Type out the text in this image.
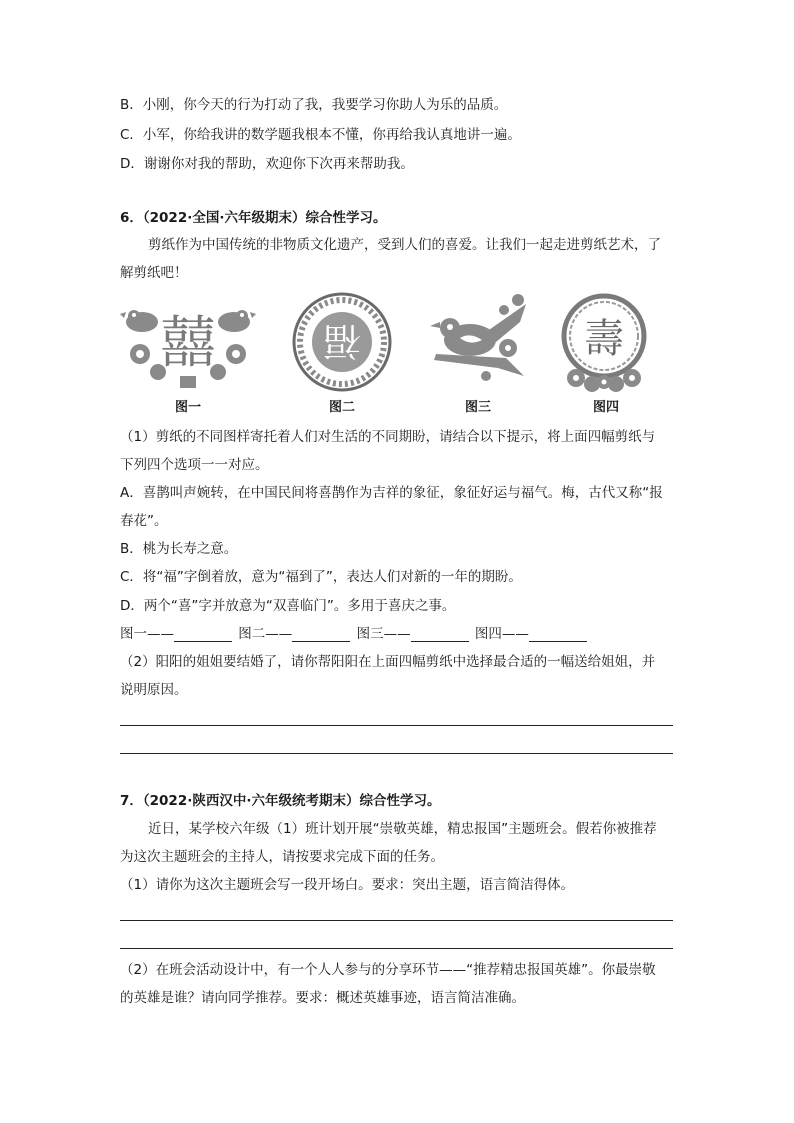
B．小刚，你今天的行为打动了我，我要学习你助人为乐的品质。
C．小军，你给我讲的数学题我根本不懂，你再给我认真地讲一遍。
D．谢谢你对我的帮助，欢迎你下次再来帮助我。
6．（2022·全国·六年级期末）综合性学习。
剪纸作为中国传统的非物质文化遗产，受到人们的喜爱。让我们一起走进剪纸艺术，了
解剪纸吧！
囍
图一
福
图二	图三
壽
图四
（1）剪纸的不同图样寄托着人们对生活的不同期盼，请结合以下提示，将上面四幅剪纸与
下列四个选项一一对应。
A．喜鹊叫声婉转，在中国民间将喜鹊作为吉祥的象征，象征好运与福气。梅，古代又称“报
春花”。
B．桃为长寿之意。
C．将“福”字倒着放，意为“福到了”，表达人们对新的一年的期盼。
D．两个“喜”字并放意为“双喜临门”。多用于喜庆之事。
图一——	图二——	图三——	图四——
（2）阳阳的姐姐要结婚了，请你帮阳阳在上面四幅剪纸中选择最合适的一幅送给姐姐，并
说明原因。
7．（2022·陕西汉中·六年级统考期末）综合性学习。
近日，某学校六年级（1）班计划开展“崇敬英雄，精忠报国”主题班会。假若你被推荐
为这次主题班会的主持人，请按要求完成下面的任务。
（1）请你为这次主题班会写一段开场白。要求：突出主题，语言简洁得体。
（2）在班会活动设计中，有一个人人参与的分享环节——“推荐精忠报国英雄”。你最崇敬
的英雄是谁？请向同学推荐。要求：概述英雄事迹，语言简洁准确。
